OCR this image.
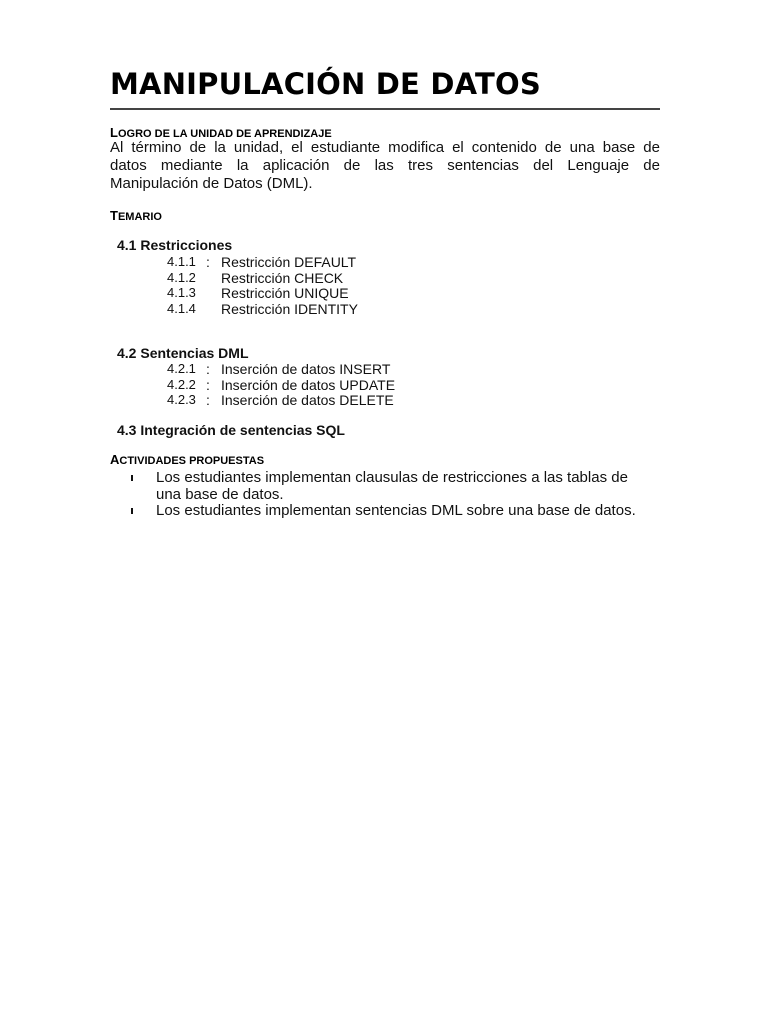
MANIPULACIÓN DE DATOS
LOGRO DE LA UNIDAD DE APRENDIZAJE
Al término de la unidad, el estudiante modifica el contenido de una base de
datos mediante la aplicación de las tres sentencias del Lenguaje de
Manipulación de Datos (DML).
TEMARIO
4.1 Restricciones
4.1.1 : Restricción DEFAULT
4.1.2 Restricción CHECK
4.1.3 Restricción UNIQUE
4.1.4 Restricción IDENTITY
4.2 Sentencias DML
4.2.1 : Inserción de datos INSERT
4.2.2 : Inserción de datos UPDATE
4.2.3 : Inserción de datos DELETE
4.3 Integración de sentencias SQL
ACTIVIDADES PROPUESTAS
Los estudiantes implementan clausulas de restricciones a las tablas de
una base de datos.
Los estudiantes implementan sentencias DML sobre una base de datos.
